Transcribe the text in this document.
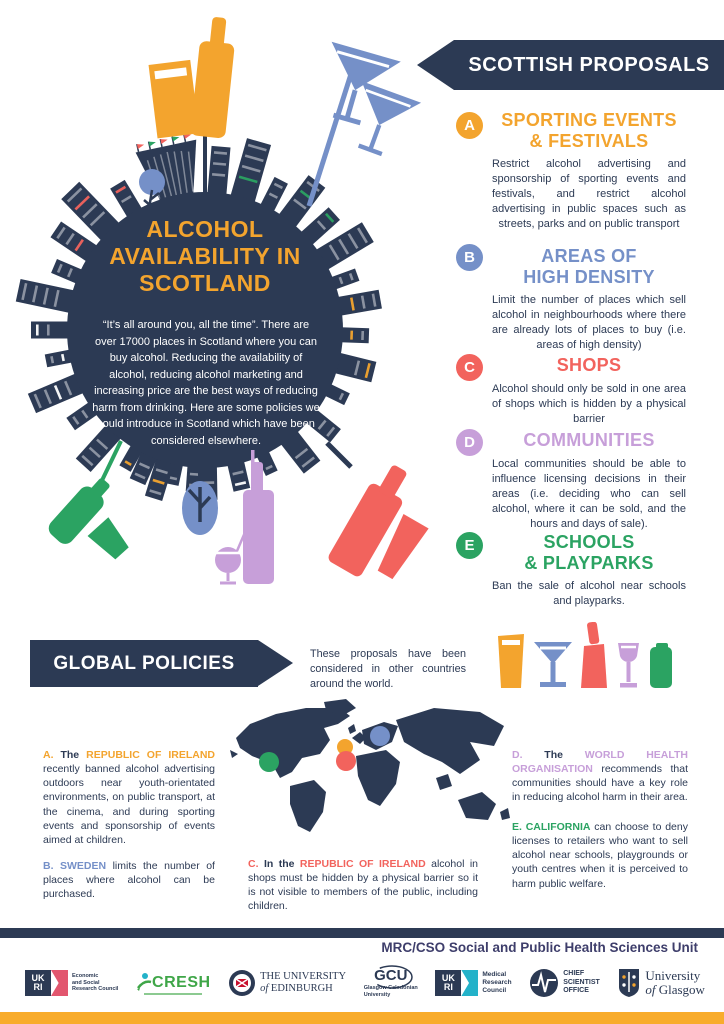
ALCOHOL
AVAILABILITY IN
SCOTLAND
“It’s all around you, all the time”. There are over 17000 places in Scotland where you can buy alcohol. Reducing the availability of alcohol, reducing alcohol marketing and increasing price are the best ways of reducing harm from drinking. Here are some policies we could introduce in Scotland which have been considered elsewhere.
SCOTTISH PROPOSALS
A	SPORTING EVENTS
& FESTIVALS

Restrict alcohol advertising and sponsorship of sporting events and festivals, and restrict alcohol advertising in public spaces such as streets, parks and on public transport

B	AREAS OF
HIGH DENSITY

Limit the number of places which sell alcohol in neighbourhoods where there are already lots of places to buy (i.e. areas of high density)

C	SHOPS

Alcohol should only be sold in one area of shops which is hidden by a physical barrier

D	COMMUNITIES

Local communities should be able to influence licensing decisions in their areas (i.e. deciding who can sell alcohol, where it can be sold, and the hours and days of sale).

E	SCHOOLS
& PLAYPARKS

Ban the sale of alcohol near schools and playparks.

GLOBAL POLICIES	These proposals have been considered in other countries around the world.

A. The REPUBLIC OF IRELAND recently banned alcohol advertising outdoors near youth-orientated environments, on public transport, at the cinema, and during sporting events and sponsorship of events aimed at children.

B. SWEDEN limits the number of places where alcohol can be purchased.

C. In the REPUBLIC OF IRELAND alcohol in shops must be hidden by a physical barrier so it is not visible to members of the public, including children.

D. The WORLD HEALTH ORGANISATION recommends that communities should have a key role in reducing alcohol harm in their area.

E. CALIFORNIA can choose to deny licenses to retailers who want to sell alcohol near schools, playgrounds or youth centres when it is perceived to harm public welfare.

MRC/CSO Social and Public Health Sciences Unit
UK
RI
Economic
and Social
Research Council CRESH	THE UNIVERSITY
of EDINBURGH
GCU
Glasgow Caledonian
University
UK
RI
Medical
Research
Council
CHIEF
SCIENTIST
OFFICE
University
of Glasgow
